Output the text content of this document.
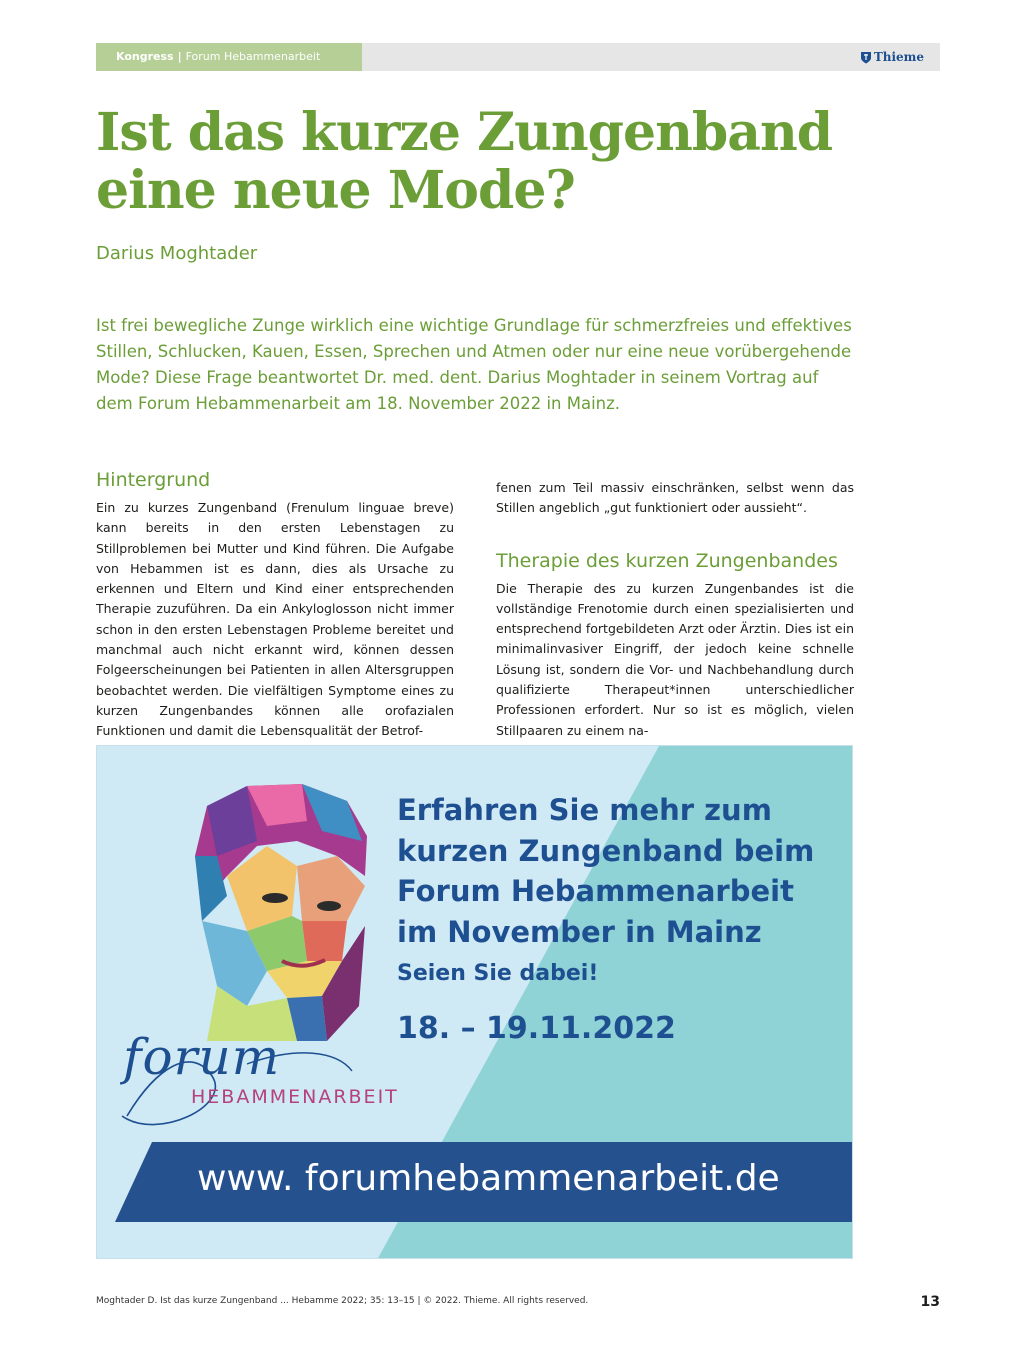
Kongress | Forum Hebammenarbeit	Thieme
Ist das kurze Zungenband
eine neue Mode?
Darius Moghtader
Ist frei bewegliche Zunge wirklich eine wichtige Grundlage für schmerzfreies und effektives Stillen, Schlucken, Kauen, Essen, Sprechen und Atmen oder nur eine neue vorübergehende Mode? Diese Frage beantwortet Dr. med. dent. Darius Moghtader in seinem Vortrag auf dem Forum Hebammenarbeit am 18. November 2022 in Mainz.
Hintergrund

Ein zu kurzes Zungenband (Frenulum linguae breve) kann bereits in den ersten Lebenstagen zu Stillproblemen bei Mutter und Kind führen. Die Aufgabe von Hebammen ist es dann, dies als Ursache zu erkennen und Eltern und Kind einer entsprechenden Therapie zuzuführen. Da ein Ankyloglosson nicht immer schon in den ersten Lebenstagen Probleme bereitet und manchmal auch nicht erkannt wird, können dessen Folgeerscheinungen bei Patienten in allen Altersgruppen beobachtet werden. Die vielfältigen Symptome eines zu kurzen Zungenbandes können alle orofazialen Funktionen und damit die Lebensqualität der Betrof-

fenen zum Teil massiv einschränken, selbst wenn das Stillen angeblich „gut funktioniert oder aussieht“.

Therapie des kurzen Zungenbandes

Die Therapie des zu kurzen Zungenbandes ist die vollständige Frenotomie durch einen spezialisierten und entsprechend fortgebildeten Arzt oder Ärztin. Dies ist ein minimalinvasiver Eingriff, der jedoch keine schnelle Lösung ist, sondern die Vor- und Nachbehandlung durch qualifizierte Therapeut*innen unterschiedlicher Professionen erfordert. Nur so ist es möglich, vielen Stillpaaren zu einem na-

forum
HEBAMMENARBEIT

Erfahren Sie mehr zum kurzen Zungenband beim Forum Hebammenarbeit im November in Mainz

Seien Sie dabei!
18. – 19.11.2022
www. forumhebammenarbeit.de
Moghtader D. Ist das kurze Zungenband ... Hebamme 2022; 35: 13–15 | © 2022. Thieme. All rights reserved.	13
